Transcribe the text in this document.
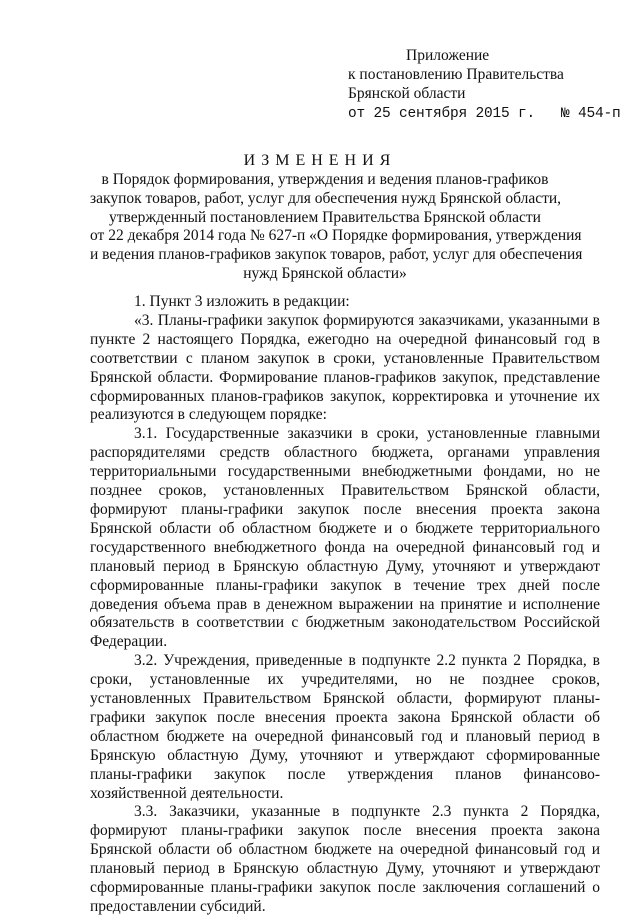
Приложение
к постановлению Правительства
Брянской области
от 25 сентября 2015 г. № 454-п
ИЗМЕНЕНИЯ
в Порядок формирования, утверждения и ведения планов-графиков
закупок товаров, работ, услуг для обеспечения нужд Брянской области,
утвержденный постановлением Правительства Брянской области
от 22 декабря 2014 года № 627-п «О Порядке формирования, утверждения
и ведения планов-графиков закупок товаров, работ, услуг для обеспечения
нужд Брянской области»

1. Пункт 3 изложить в редакции:

«3. Планы-графики закупок формируются заказчиками, указанными в пункте 2 настоящего Порядка, ежегодно на очередной финансовый год в соответствии с планом закупок в сроки, установленные Правительством Брянской области. Формирование планов-графиков закупок, представление сформированных планов-графиков закупок, корректировка и уточнение их реализуются в следующем порядке:

3.1. Государственные заказчики в сроки, установленные главными распорядителями средств областного бюджета, органами управления территориальными государственными внебюджетными фондами, но не позднее сроков, установленных Правительством Брянской области, формируют планы-графики закупок после внесения проекта закона Брянской области об областном бюджете и о бюджете территориального государственного внебюджетного фонда на очередной финансовый год и плановый период в Брянскую областную Думу, уточняют и утверждают сформированные планы-графики закупок в течение трех дней после доведения объема прав в денежном выражении на принятие и исполнение обязательств в соответствии с бюджетным законодательством Российской Федерации.

3.2. Учреждения, приведенные в подпункте 2.2 пункта 2 Порядка, в сроки, установленные их учредителями, но не позднее сроков, установленных Правительством Брянской области, формируют планы-графики закупок после внесения проекта закона Брянской области об областном бюджете на очередной финансовый год и плановый период в Брянскую областную Думу, уточняют и утверждают сформированные планы-графики закупок после утверждения планов финансово-хозяйственной деятельности.

3.3. Заказчики, указанные в подпункте 2.3 пункта 2 Порядка, формируют планы-графики закупок после внесения проекта закона Брянской области об областном бюджете на очередной финансовый год и плановый период в Брянскую областную Думу, уточняют и утверждают сформированные планы-графики закупок после заключения соглашений о предоставлении субсидий.
